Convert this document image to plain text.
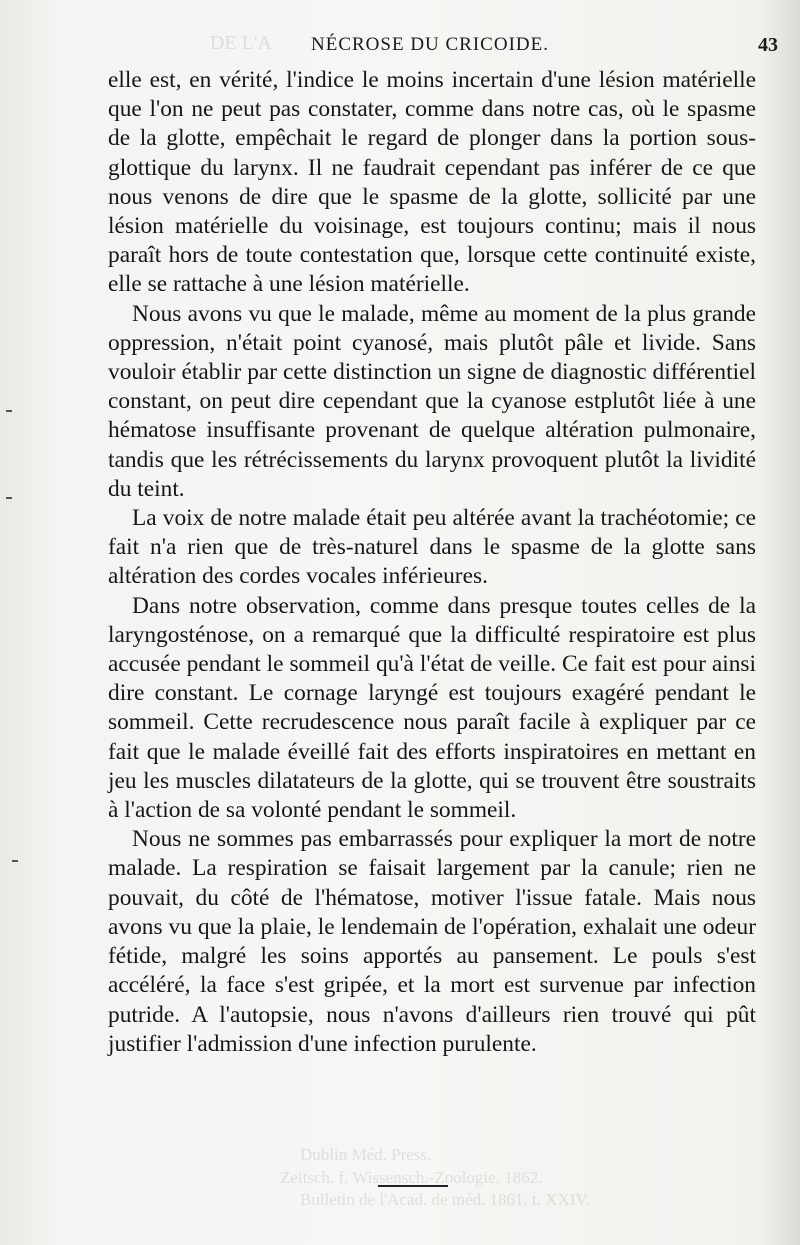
DE L'A
Dublin Méd. Press.
Zeitsch. f. Wissensch.-Zoologie. 1862.
Bulletin de l'Acad. de méd. 1861, t. XXIV.
NÉCROSE DU CRICOIDE.	43

elle est, en vérité, l'indice le moins incertain d'une lésion matérielle que l'on ne peut pas constater, comme dans notre cas, où le spasme de la glotte, empêchait le regard de plonger dans la portion sous-glottique du larynx. Il ne faudrait cependant pas inférer de ce que nous venons de dire que le spasme de la glotte, sollicité par une lésion matérielle du voisinage, est toujours continu; mais il nous paraît hors de toute contestation que, lorsque cette continuité existe, elle se rattache à une lésion matérielle.

Nous avons vu que le malade, même au moment de la plus grande oppression, n'était point cyanosé, mais plutôt pâle et livide. Sans vouloir établir par cette distinction un signe de diagnostic différentiel constant, on peut dire cependant que la cyanose estplutôt liée à une hématose insuffisante provenant de quelque altération pulmonaire, tandis que les rétrécissements du larynx provoquent plutôt la lividité du teint.

La voix de notre malade était peu altérée avant la trachéotomie; ce fait n'a rien que de très-naturel dans le spasme de la glotte sans altération des cordes vocales inférieures.

Dans notre observation, comme dans presque toutes celles de la laryngosténose, on a remarqué que la difficulté respiratoire est plus accusée pendant le sommeil qu'à l'état de veille. Ce fait est pour ainsi dire constant. Le cornage laryngé est toujours exagéré pendant le sommeil. Cette recrudescence nous paraît facile à expliquer par ce fait que le malade éveillé fait des efforts inspiratoires en mettant en jeu les muscles dilatateurs de la glotte, qui se trouvent être soustraits à l'action de sa volonté pendant le sommeil.

Nous ne sommes pas embarrassés pour expliquer la mort de notre malade. La respiration se faisait largement par la canule; rien ne pouvait, du côté de l'hématose, motiver l'issue fatale. Mais nous avons vu que la plaie, le lendemain de l'opération, exhalait une odeur fétide, malgré les soins apportés au pansement. Le pouls s'est accéléré, la face s'est gripée, et la mort est survenue par infection putride. A l'autopsie, nous n'avons d'ailleurs rien trouvé qui pût justifier l'admission d'une infection purulente.
